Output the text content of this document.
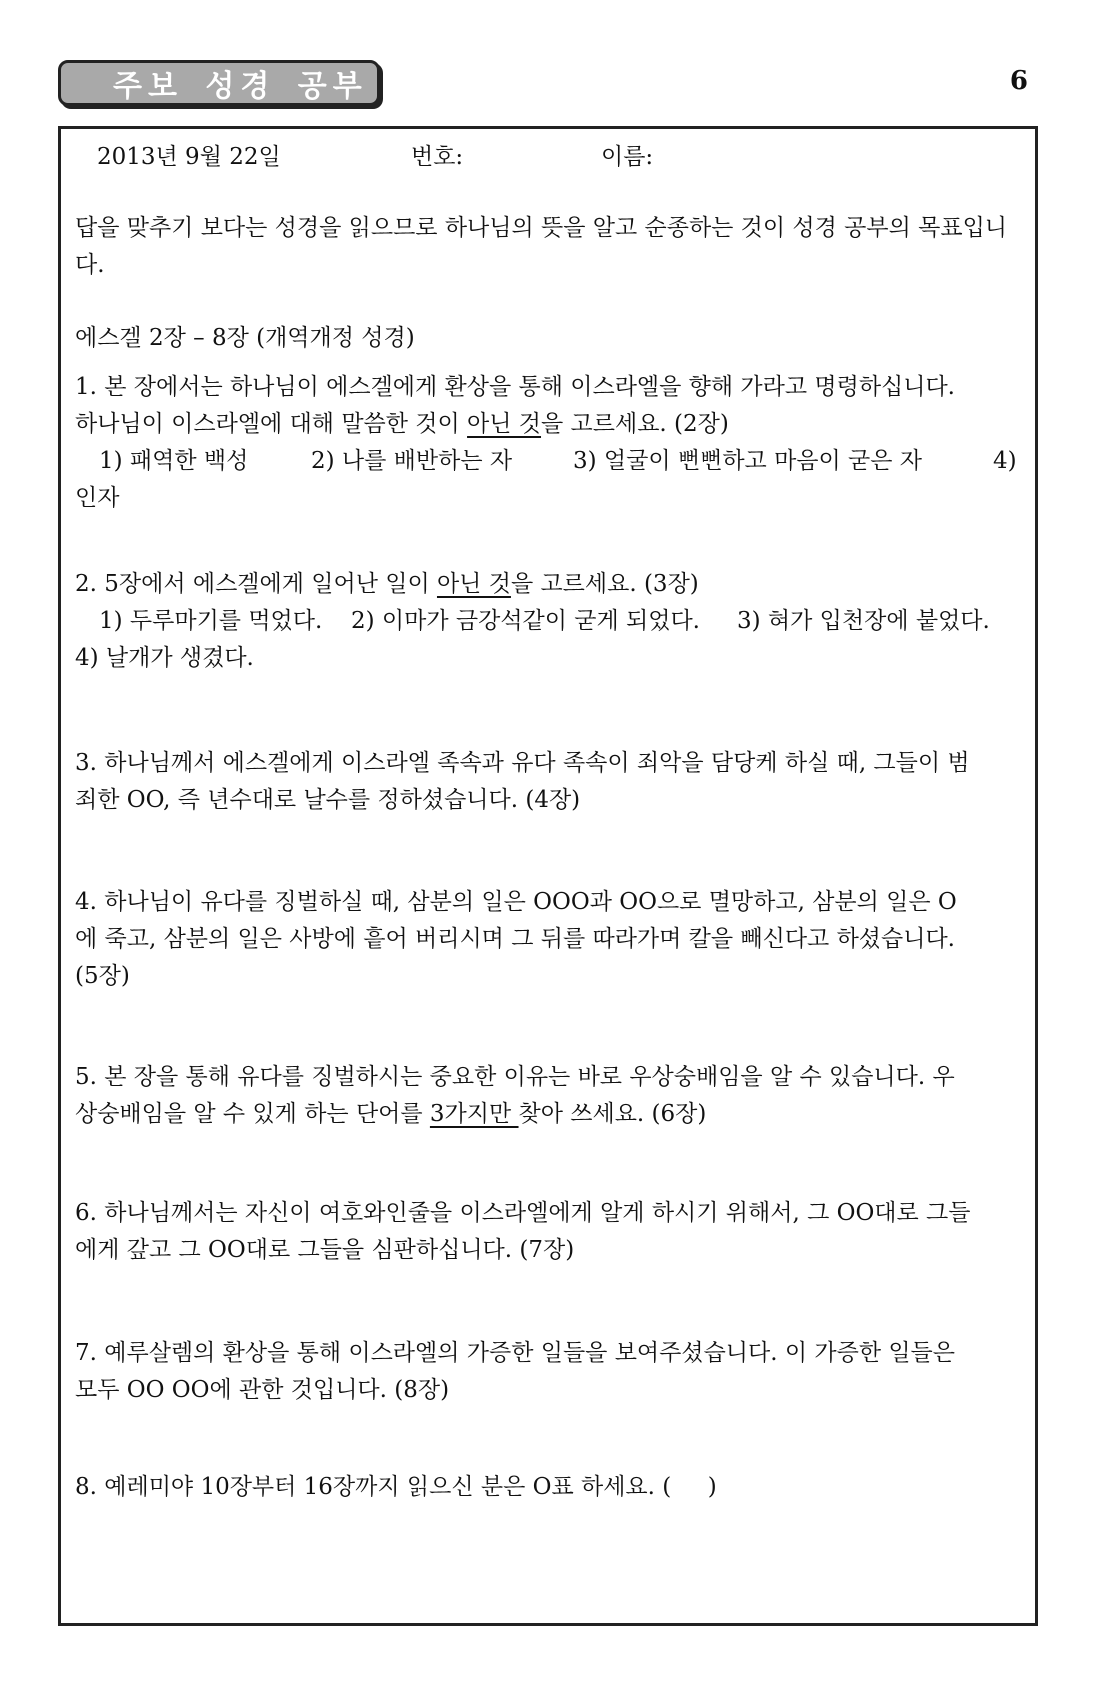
주보 성경 공부	6
2013년 9월 22일	번호:	이름:
답을 맞추기 보다는 성경을 읽으므로 하나님의 뜻을 알고 순종하는 것이 성경 공부의 목표입니다.
에스겔 2장 – 8장 (개역개정 성경)
1. 본 장에서는 하나님이 에스겔에게 환상을 통해 이스라엘을 향해 가라고 명령하십니다.
하나님이 이스라엘에 대해 말씀한 것이 아닌 것을 고르세요. (2장)
1) 패역한 백성	2) 나를 배반하는 자	3) 얼굴이 뻔뻔하고 마음이 굳은 자	4)
인자
2. 5장에서 에스겔에게 일어난 일이 아닌 것을 고르세요. (3장)
1) 두루마기를 먹었다.	2) 이마가 금강석같이 굳게 되었다.	3) 혀가 입천장에 붙었다.
4) 날개가 생겼다.
3. 하나님께서 에스겔에게 이스라엘 족속과 유다 족속이 죄악을 담당케 하실 때, 그들이 범
죄한 OO, 즉 년수대로 날수를 정하셨습니다. (4장)
4. 하나님이 유다를 징벌하실 때, 삼분의 일은 OOO과 OO으로 멸망하고, 삼분의 일은 O
에 죽고, 삼분의 일은 사방에 흩어 버리시며 그 뒤를 따라가며 칼을 빼신다고 하셨습니다.
(5장)
5. 본 장을 통해 유다를 징벌하시는 중요한 이유는 바로 우상숭배임을 알 수 있습니다. 우
상숭배임을 알 수 있게 하는 단어를 3가지만 찾아 쓰세요. (6장)
6. 하나님께서는 자신이 여호와인줄을 이스라엘에게 알게 하시기 위해서, 그 OO대로 그들
에게 갚고 그 OO대로 그들을 심판하십니다. (7장)
7. 예루살렘의 환상을 통해 이스라엘의 가증한 일들을 보여주셨습니다. 이 가증한 일들은
모두 OO OO에 관한 것입니다. (8장)
8. 예레미야 10장부터 16장까지 읽으신 분은 O표 하세요. (     )
